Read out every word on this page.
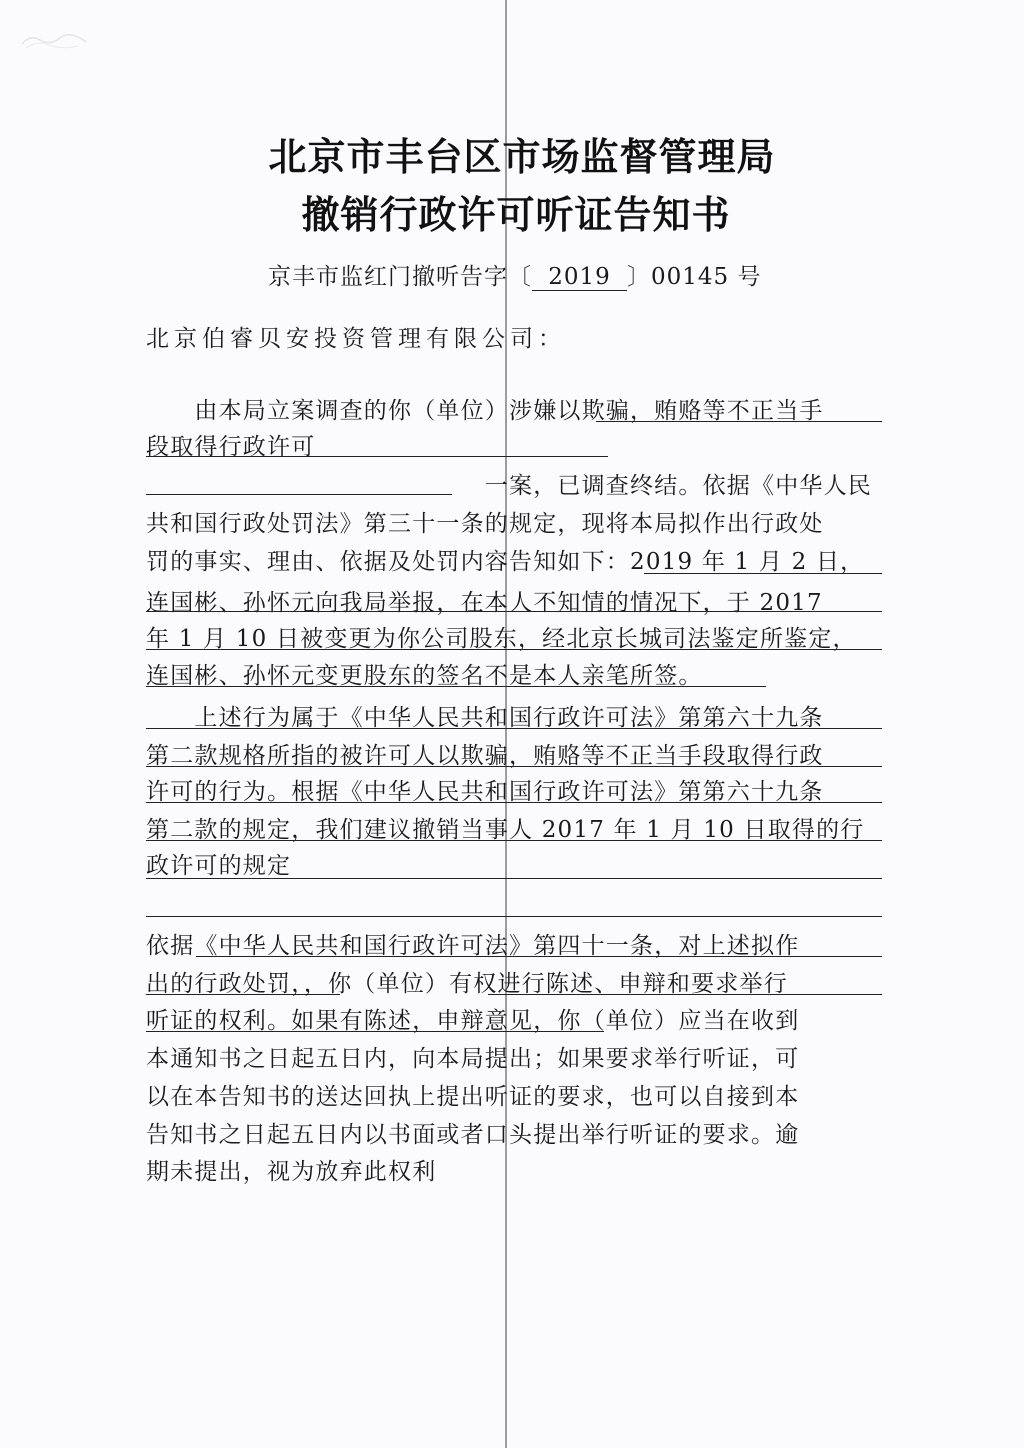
北京市丰台区市场监督管理局
撤销行政许可听证告知书
京丰市监红门撤听告字〔 2019 〕00145 号
北京伯睿贝安投资管理有限公司：
　　由本局立案调查的你（单位）涉嫌以欺骗，贿赂等不正当手
段取得行政许可
　　　　　　　　　　　　　　一案，已调查终结。依据《中华人民
共和国行政处罚法》第三十一条的规定，现将本局拟作出行政处
罚的事实、理由、依据及处罚内容告知如下：2019 年 1 月 2 日，
连国彬、孙怀元向我局举报，在本人不知情的情况下，于 2017
年 1 月 10 日被变更为你公司股东，经北京长城司法鉴定所鉴定，
连国彬、孙怀元变更股东的签名不是本人亲笔所签。
　　上述行为属于《中华人民共和国行政许可法》第第六十九条
第二款规格所指的被许可人以欺骗，贿赂等不正当手段取得行政
许可的行为。根据《中华人民共和国行政许可法》第第六十九条
第二款的规定，我们建议撤销当事人 2017 年 1 月 10 日取得的行
政许可的规定
依据《中华人民共和国行政许可法》第四十一条，对上述拟作
出的行政处罚，，你（单位）有权进行陈述、申辩和要求举行
听证的权利。如果有陈述，申辩意见，你（单位）应当在收到
本通知书之日起五日内，向本局提出；如果要求举行听证，可
以在本告知书的送达回执上提出听证的要求，也可以自接到本
告知书之日起五日内以书面或者口头提出举行听证的要求。逾
期未提出，视为放弃此权利
